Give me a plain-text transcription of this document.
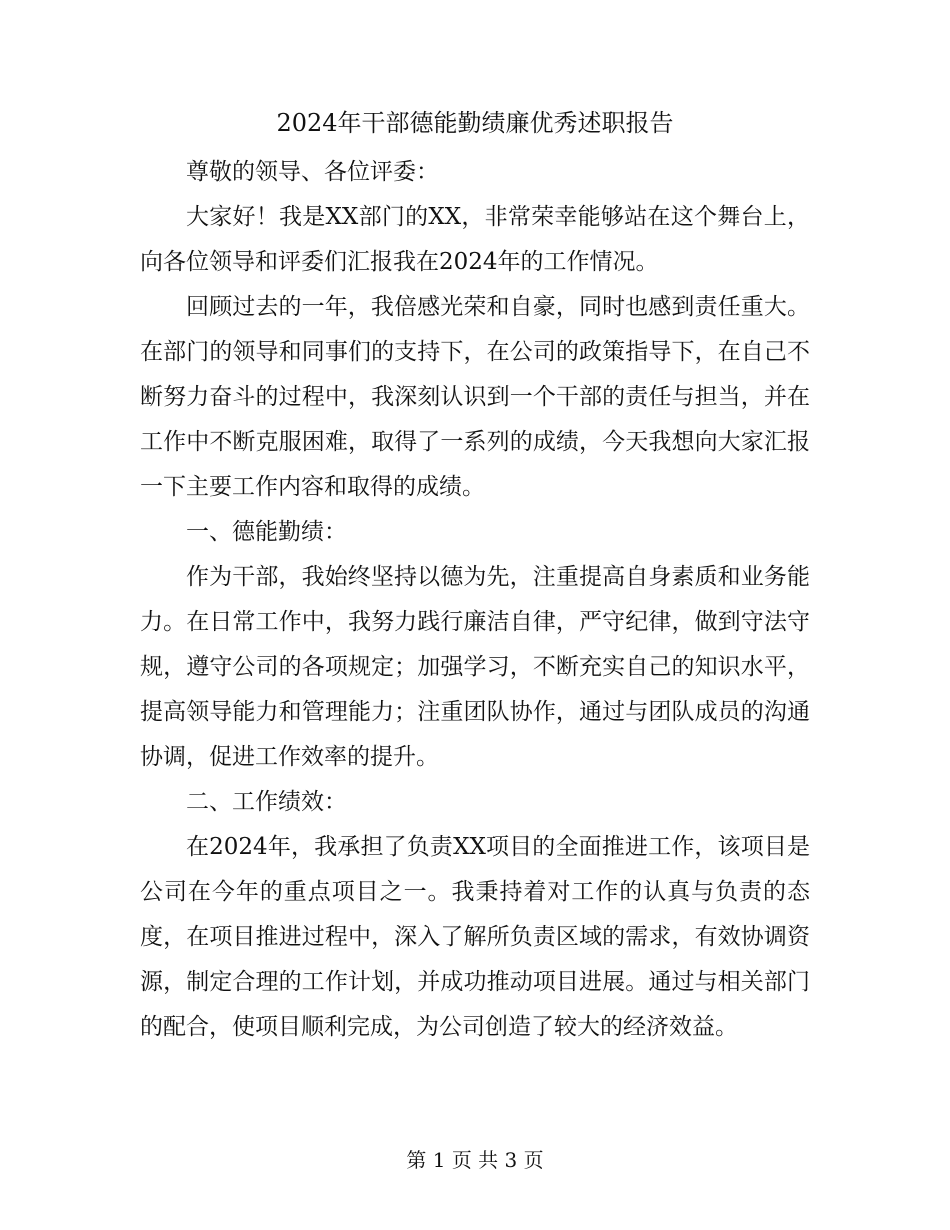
2024年干部德能勤绩廉优秀述职报告

尊敬的领导、各位评委：

大家好！我是XX部门的XX，非常荣幸能够站在这个舞台上，向各位领导和评委们汇报我在2024年的工作情况。

回顾过去的一年，我倍感光荣和自豪，同时也感到责任重大。在部门的领导和同事们的支持下，在公司的政策指导下，在自己不断努力奋斗的过程中，我深刻认识到一个干部的责任与担当，并在工作中不断克服困难，取得了一系列的成绩，今天我想向大家汇报一下主要工作内容和取得的成绩。

一、德能勤绩：

作为干部，我始终坚持以德为先，注重提高自身素质和业务能力。在日常工作中，我努力践行廉洁自律，严守纪律，做到守法守规，遵守公司的各项规定；加强学习，不断充实自己的知识水平，提高领导能力和管理能力；注重团队协作，通过与团队成员的沟通协调，促进工作效率的提升。

二、工作绩效：

在2024年，我承担了负责XX项目的全面推进工作，该项目是公司在今年的重点项目之一。我秉持着对工作的认真与负责的态度，在项目推进过程中，深入了解所负责区域的需求，有效协调资源，制定合理的工作计划，并成功推动项目进展。通过与相关部门的配合，使项目顺利完成，为公司创造了较大的经济效益。

第 1 页 共 3 页
